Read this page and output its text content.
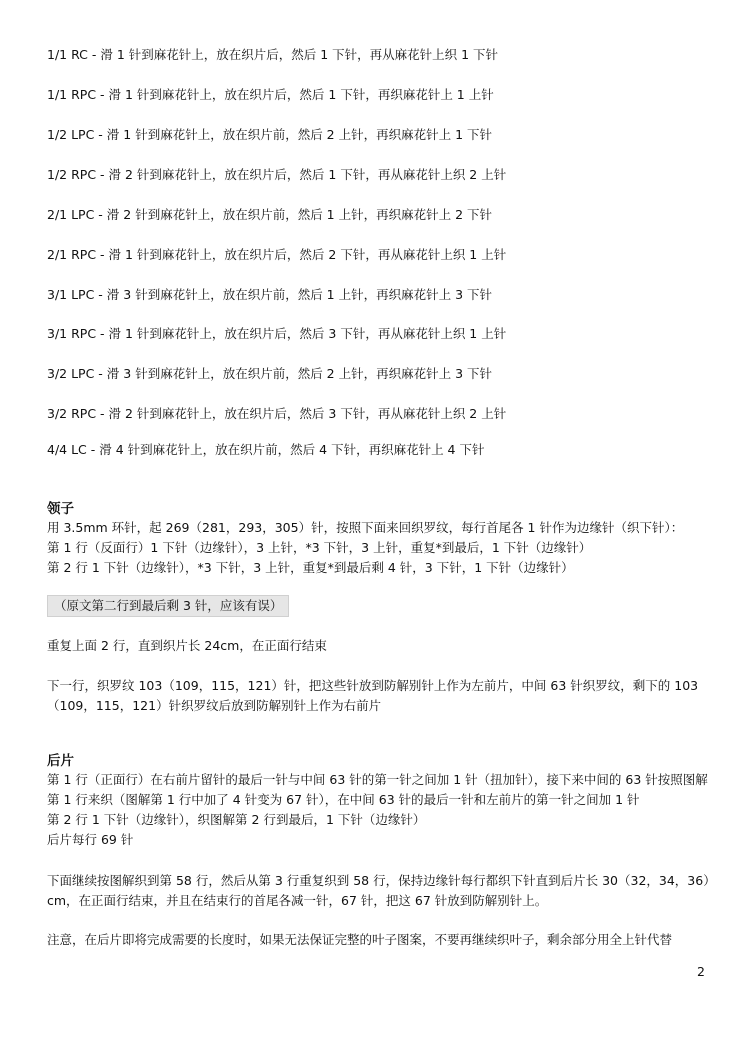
1/1 RC - 滑 1 针到麻花针上，放在织片后，然后 1 下针，再从麻花针上织 1 下针
1/1 RPC - 滑 1 针到麻花针上，放在织片后，然后 1 下针，再织麻花针上 1 上针
1/2 LPC - 滑 1 针到麻花针上，放在织片前，然后 2 上针，再织麻花针上 1 下针
1/2 RPC - 滑 2 针到麻花针上，放在织片后，然后 1 下针，再从麻花针上织 2 上针
2/1 LPC - 滑 2 针到麻花针上，放在织片前，然后 1 上针，再织麻花针上 2 下针
2/1 RPC - 滑 1 针到麻花针上，放在织片后，然后 2 下针，再从麻花针上织 1 上针
3/1 LPC - 滑 3 针到麻花针上，放在织片前，然后 1 上针，再织麻花针上 3 下针
3/1 RPC - 滑 1 针到麻花针上，放在织片后，然后 3 下针，再从麻花针上织 1 上针
3/2 LPC - 滑 3 针到麻花针上，放在织片前，然后 2 上针，再织麻花针上 3 下针
3/2 RPC - 滑 2 针到麻花针上，放在织片后，然后 3 下针，再从麻花针上织 2 上针
4/4 LC - 滑 4 针到麻花针上，放在织片前，然后 4 下针，再织麻花针上 4 下针
领子
用 3.5mm 环针，起 269（281，293，305）针，按照下面来回织罗纹，每行首尾各 1 针作为边缘针（织下针）：
第 1 行（反面行）1 下针（边缘针），3 上针，*3 下针，3 上针，重复*到最后，1 下针（边缘针）
第 2 行 1 下针（边缘针），*3 下针，3 上针，重复*到最后剩 4 针，3 下针，1 下针（边缘针）
（原文第二行到最后剩 3 针，应该有误）
重复上面 2 行，直到织片长 24cm，在正面行结束
下一行，织罗纹 103（109，115，121）针，把这些针放到防解别针上作为左前片，中间 63 针织罗纹，剩下的 103（109，115，121）针织罗纹后放到防解别针上作为右前片
后片
第 1 行（正面行）在右前片留针的最后一针与中间 63 针的第一针之间加 1 针（扭加针），接下来中间的 63 针按照图解第 1 行来织（图解第 1 行中加了 4 针变为 67 针），在中间 63 针的最后一针和左前片的第一针之间加 1 针
第 2 行 1 下针（边缘针），织图解第 2 行到最后，1 下针（边缘针）
后片每行 69 针
下面继续按图解织到第 58 行，然后从第 3 行重复织到 58 行，保持边缘针每行都织下针直到后片长 30（32，34，36）cm，在正面行结束，并且在结束行的首尾各减一针，67 针，把这 67 针放到防解别针上。
注意，在后片即将完成需要的长度时，如果无法保证完整的叶子图案，不要再继续织叶子，剩余部分用全上针代替
2
